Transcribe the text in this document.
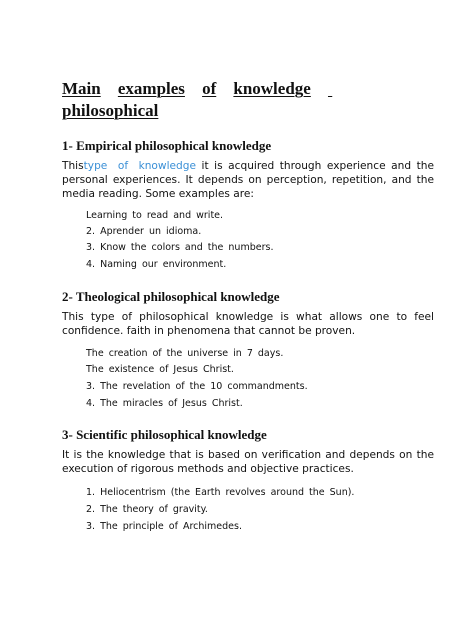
Main examples of knowledge

philosophical
1- Empirical philosophical knowledge
Thistype of knowledge it is acquired through experience and the personal experiences. It depends on perception, repetition, and the media reading. Some examples are:
Learning to read and write.
2. Aprender un idioma.
3. Know the colors and the numbers.
4. Naming our environment.
2- Theological philosophical knowledge
This type of philosophical knowledge is what allows one to feel confidence. faith in phenomena that cannot be proven.
The creation of the universe in 7 days.
The existence of Jesus Christ.
3. The revelation of the 10 commandments.
4. The miracles of Jesus Christ.
3- Scientific philosophical knowledge
It is the knowledge that is based on verification and depends on the execution of rigorous methods and objective practices.
1. Heliocentrism (the Earth revolves around the Sun).
2. The theory of gravity.
3. The principle of Archimedes.
